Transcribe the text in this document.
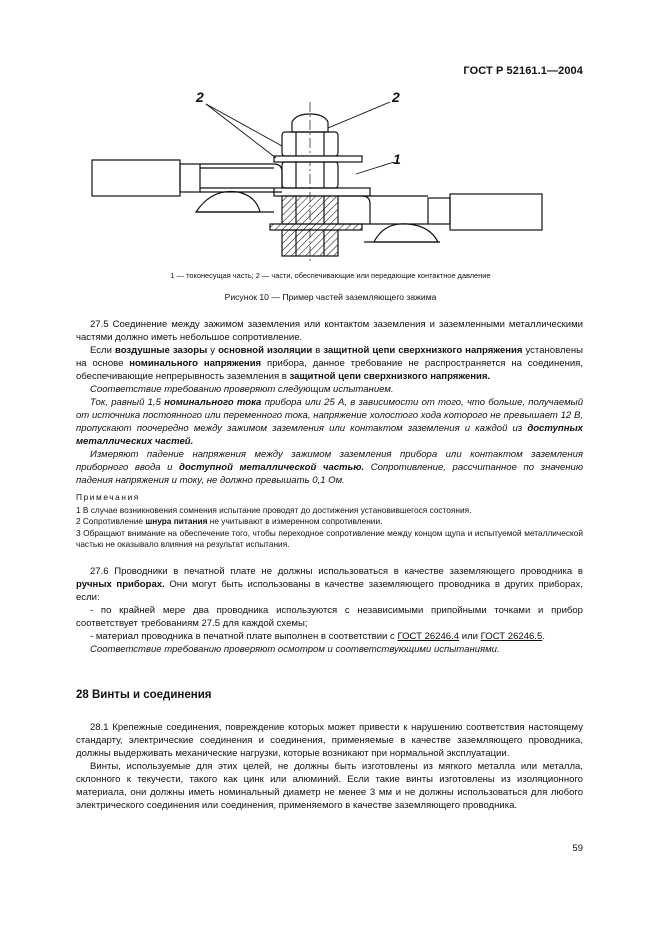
ГОСТ Р 52161.1—2004
2	2
1
1 — токонесущая часть; 2 — части, обеспечивающие или передающие контактное давление
Рисунок 10 — Пример частей заземляющего зажима

27.5 Соединение между зажимом заземления или контактом заземления и заземленными металлическими частями должно иметь небольшое сопротивление.

Если воздушные зазоры у основной изоляции в защитной цепи сверхнизкого напряжения установлены на основе номинального напряжения прибора, данное требование не распространяется на соединения, обеспечивающие непрерывность заземления в защитной цепи сверхнизкого напряжения.

Соответствие требованию проверяют следующим испытанием.

Ток, равный 1,5 номинального тока прибора или 25 А, в зависимости от того, что больше, получаемый от источника постоянного или переменного тока, напряжение холостого хода которого не превышает 12 В, пропускают поочередно между зажимом заземления или контактом заземления и каждой из доступных металлических частей.

Измеряют падение напряжения между зажимом заземления прибора или контактом заземления приборного ввода и доступной металлической частью. Сопротивление, рассчитанное по значению падения напряжения и току, не должно превышать 0,1 Ом.

Примечания

1 В случае возникновения сомнения испытание проводят до достижения установившегося состояния.

2 Сопротивление шнура питания не учитывают в измеренном сопротивлении.

3 Обращают внимание на обеспечение того, чтобы переходное сопротивление между концом щупа и испытуемой металлической частью не оказывало влияния на результат испытания.

27.6 Проводники в печатной плате не должны использоваться в качестве заземляющего проводника в ручных приборах. Они могут быть использованы в качестве заземляющего проводника в других приборах, если:

- по крайней мере два проводника используются с независимыми припойными точками и прибор соответствует требованиям 27.5 для каждой схемы;

- материал проводника в печатной плате выполнен в соответствии с ГОСТ 26246.4 или ГОСТ 26246.5.

Соответствие требованию проверяют осмотром и соответствующими испытаниями.

28 Винты и соединения

28.1 Крепежные соединения, повреждение которых может привести к нарушению соответствия настоящему стандарту, электрические соединения и соединения, применяемые в качестве заземляющего проводника, должны выдерживать механические нагрузки, которые возникают при нормальной эксплуатации.

Винты, используемые для этих целей, не должны быть изготовлены из мягкого металла или металла, склонного к текучести, такого как цинк или алюминий. Если такие винты изготовлены из изоляционного материала, они должны иметь номинальный диаметр не менее 3 мм и не должны использоваться для любого электрического соединения или соединения, применяемого в качестве заземляющего проводника.

59
